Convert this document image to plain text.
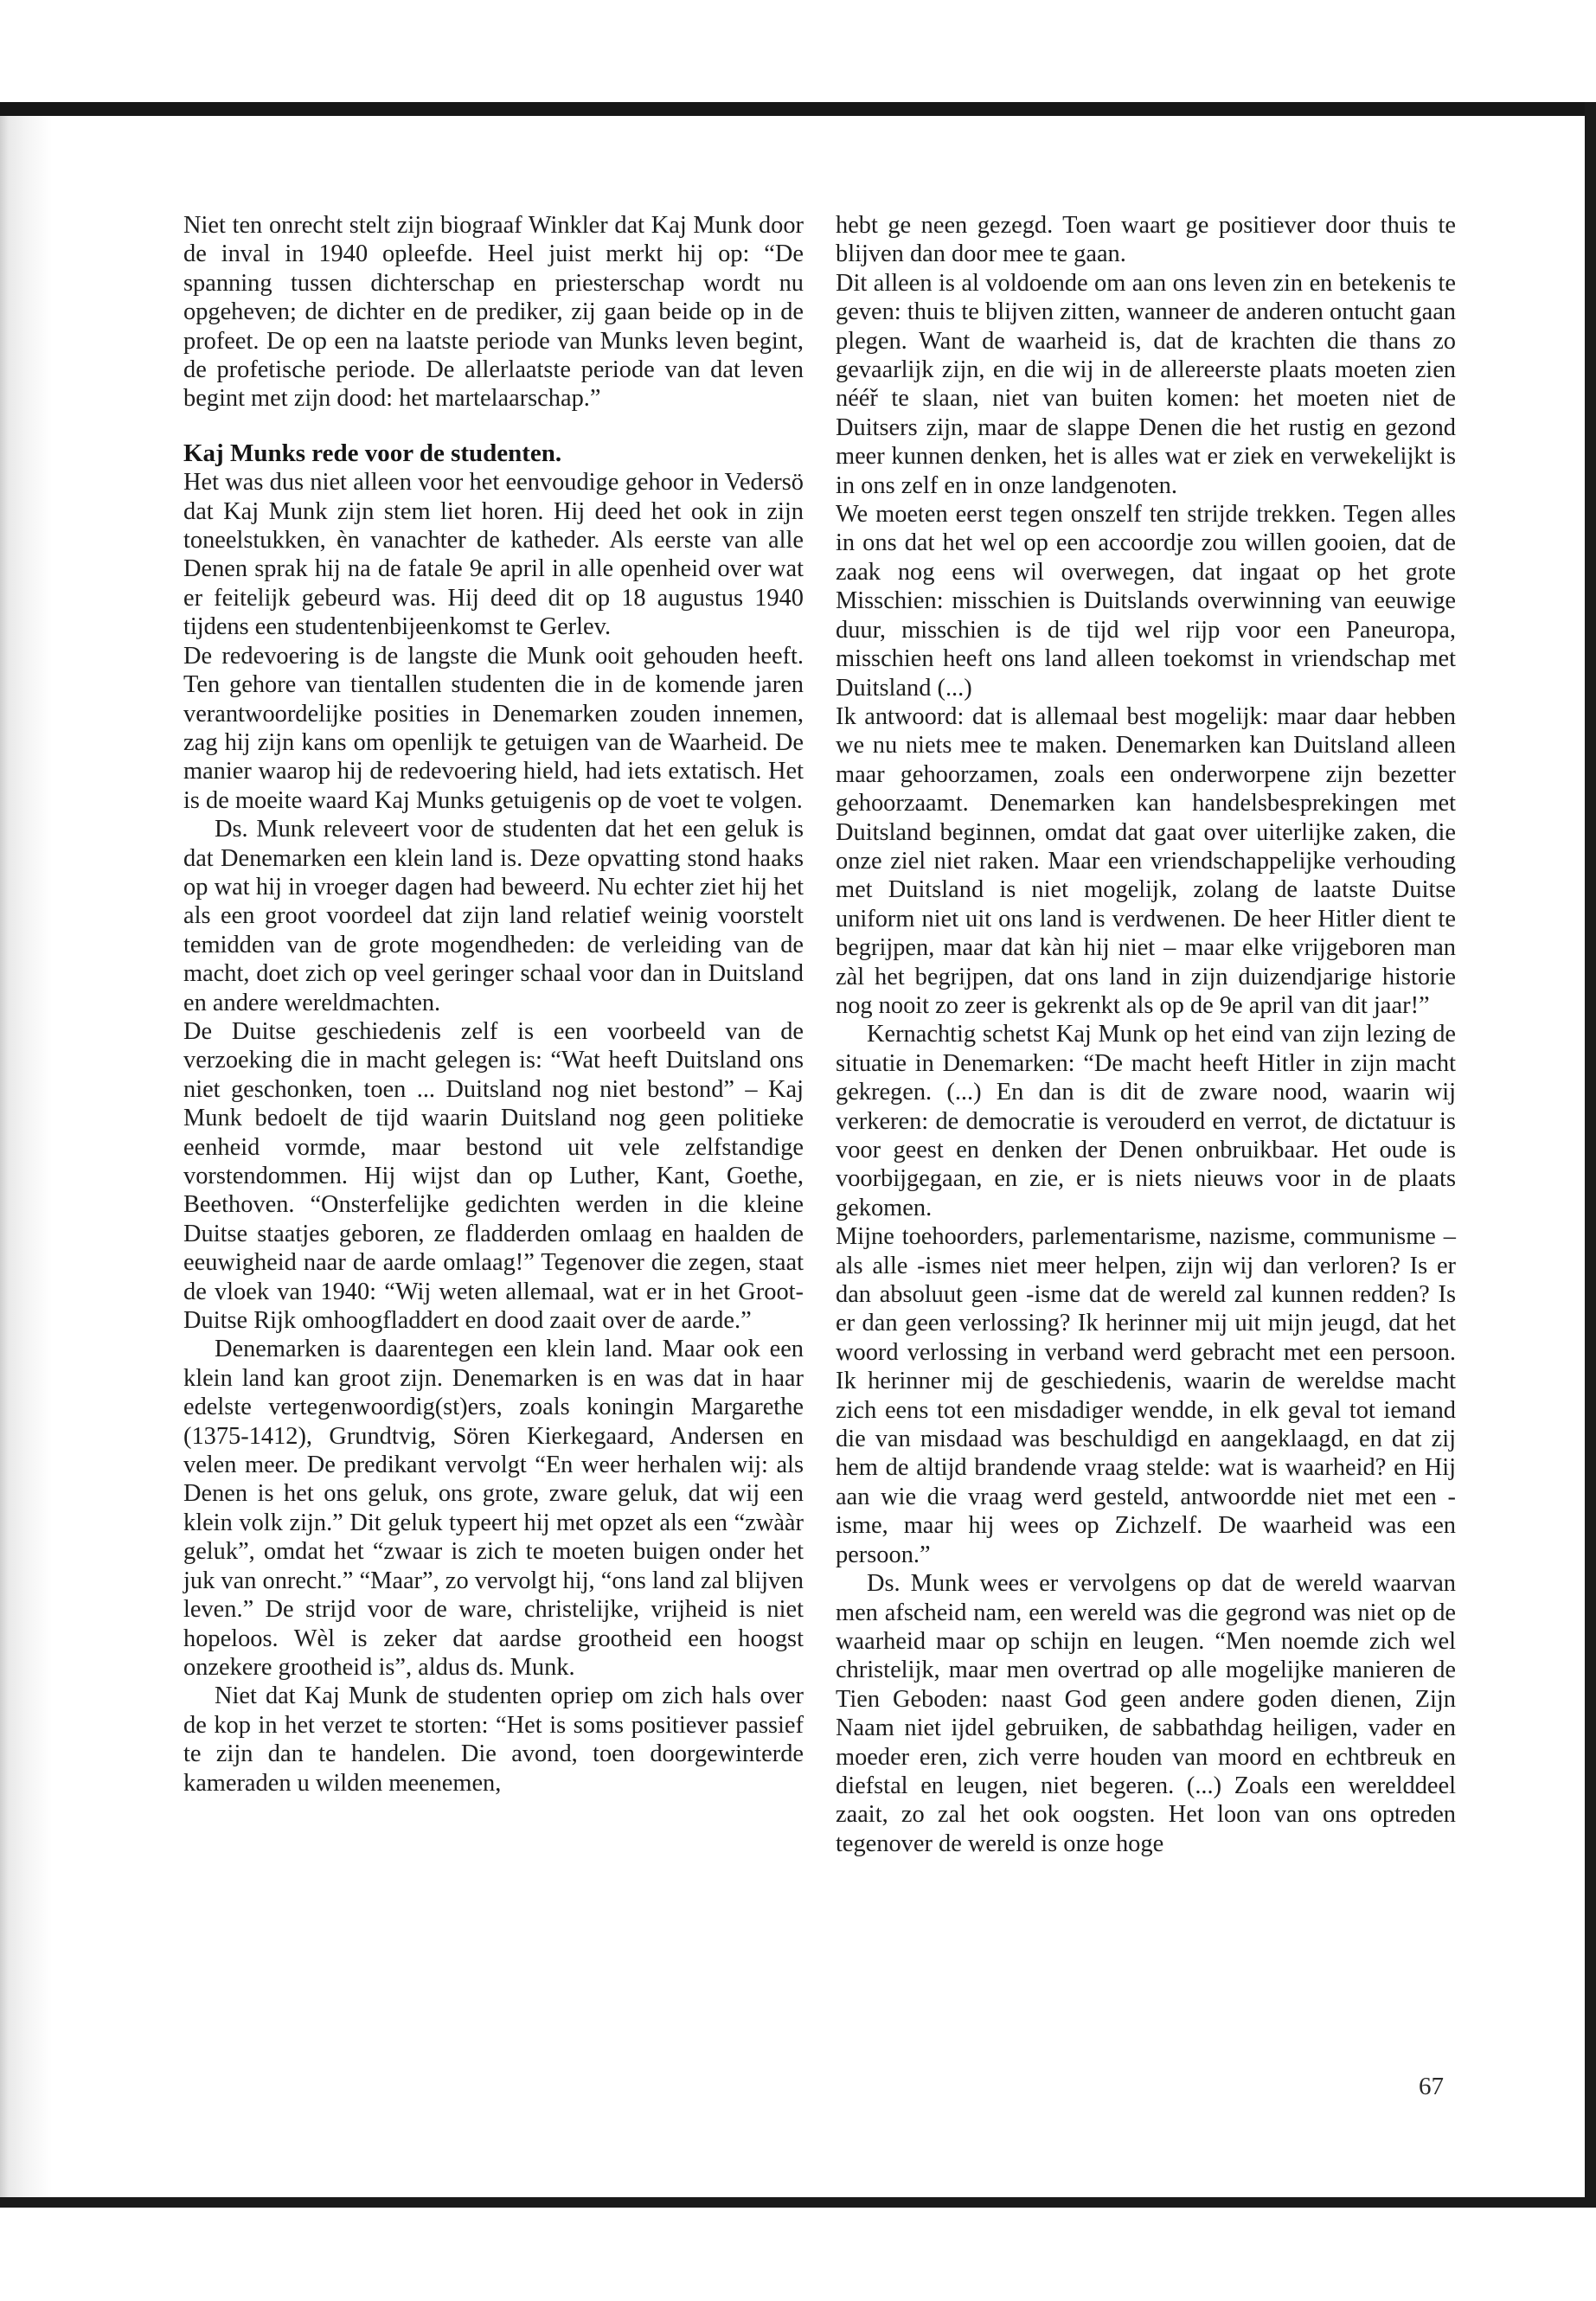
Niet ten onrecht stelt zijn biograaf Winkler dat Kaj Munk door de inval in 1940 opleefde. Heel juist merkt hij op: “De spanning tussen dichterschap en priesterschap wordt nu opgeheven; de dichter en de prediker, zij gaan beide op in de profeet. De op een na laatste periode van Munks leven begint, de profetische periode. De allerlaatste periode van dat leven begint met zijn dood: het martelaarschap.”

Kaj Munks rede voor de studenten.

Het was dus niet alleen voor het eenvoudige gehoor in Vedersö dat Kaj Munk zijn stem liet horen. Hij deed het ook in zijn toneelstukken, èn vanachter de katheder. Als eerste van alle Denen sprak hij na de fatale 9e april in alle openheid over wat er feitelijk gebeurd was. Hij deed dit op 18 augustus 1940 tijdens een studentenbijeenkomst te Gerlev.

De redevoering is de langste die Munk ooit gehouden heeft. Ten gehore van tientallen studenten die in de komende jaren verantwoordelijke posities in Denemarken zouden innemen, zag hij zijn kans om openlijk te getuigen van de Waarheid. De manier waarop hij de redevoering hield, had iets extatisch. Het is de moeite waard Kaj Munks getuigenis op de voet te volgen.

Ds. Munk releveert voor de studenten dat het een geluk is dat Denemarken een klein land is. Deze opvatting stond haaks op wat hij in vroeger dagen had beweerd. Nu echter ziet hij het als een groot voordeel dat zijn land relatief weinig voorstelt temidden van de grote mogendheden: de verleiding van de macht, doet zich op veel geringer schaal voor dan in Duitsland en andere wereldmachten.

De Duitse geschiedenis zelf is een voorbeeld van de verzoeking die in macht gelegen is: “Wat heeft Duitsland ons niet geschonken, toen ... Duitsland nog niet bestond” – Kaj Munk bedoelt de tijd waarin Duitsland nog geen politieke eenheid vormde, maar bestond uit vele zelfstandige vorstendommen. Hij wijst dan op Luther, Kant, Goethe, Beethoven. “Onsterfelijke gedichten werden in die kleine Duitse staatjes geboren, ze fladderden omlaag en haalden de eeuwigheid naar de aarde omlaag!” Tegenover die zegen, staat de vloek van 1940: “Wij weten allemaal, wat er in het Groot-Duitse Rijk omhoogfladdert en dood zaait over de aarde.”

Denemarken is daarentegen een klein land. Maar ook een klein land kan groot zijn. Denemarken is en was dat in haar edelste vertegenwoordig(st)ers, zoals koningin Margarethe (1375-1412), Grundtvig, Sören Kierkegaard, Andersen en velen meer. De predikant vervolgt “En weer herhalen wij: als Denen is het ons geluk, ons grote, zware geluk, dat wij een klein volk zijn.” Dit geluk typeert hij met opzet als een “zwààr geluk”, omdat het “zwaar is zich te moeten buigen onder het juk van onrecht.” “Maar”, zo vervolgt hij, “ons land zal blijven leven.” De strijd voor de ware, christelijke, vrijheid is niet hopeloos. Wèl is zeker dat aardse grootheid een hoogst onzekere grootheid is”, aldus ds. Munk.

Niet dat Kaj Munk de studenten opriep om zich hals over de kop in het verzet te storten: “Het is soms positiever passief te zijn dan te handelen. Die avond, toen doorgewinterde kameraden u wilden meenemen,

hebt ge neen gezegd. Toen waart ge positiever door thuis te blijven dan door mee te gaan.

Dit alleen is al voldoende om aan ons leven zin en betekenis te geven: thuis te blijven zitten, wanneer de anderen ontucht gaan plegen. Want de waarheid is, dat de krachten die thans zo gevaarlijk zijn, en die wij in de allereerste plaats moeten zien nééř te slaan, niet van buiten komen: het moeten niet de Duitsers zijn, maar de slappe Denen die het rustig en gezond meer kunnen denken, het is alles wat er ziek en verwekelijkt is in ons zelf en in onze landgenoten.

We moeten eerst tegen onszelf ten strijde trekken. Tegen alles in ons dat het wel op een accoordje zou willen gooien, dat de zaak nog eens wil overwegen, dat ingaat op het grote Misschien: misschien is Duitslands overwinning van eeuwige duur, misschien is de tijd wel rijp voor een Paneuropa, misschien heeft ons land alleen toekomst in vriendschap met Duitsland (...)

Ik antwoord: dat is allemaal best mogelijk: maar daar hebben we nu niets mee te maken. Denemarken kan Duitsland alleen maar gehoorzamen, zoals een onderworpene zijn bezetter gehoorzaamt. Denemarken kan handelsbesprekingen met Duitsland beginnen, omdat dat gaat over uiterlijke zaken, die onze ziel niet raken. Maar een vriendschappelijke verhouding met Duitsland is niet mogelijk, zolang de laatste Duitse uniform niet uit ons land is verdwenen. De heer Hitler dient te begrijpen, maar dat kàn hij niet – maar elke vrijgeboren man zàl het begrijpen, dat ons land in zijn duizendjarige historie nog nooit zo zeer is gekrenkt als op de 9e april van dit jaar!”

Kernachtig schetst Kaj Munk op het eind van zijn lezing de situatie in Denemarken: “De macht heeft Hitler in zijn macht gekregen. (...) En dan is dit de zware nood, waarin wij verkeren: de democratie is verouderd en verrot, de dictatuur is voor geest en denken der Denen onbruikbaar. Het oude is voorbijgegaan, en zie, er is niets nieuws voor in de plaats gekomen.

Mijne toehoorders, parlementarisme, nazisme, communisme – als alle -ismes niet meer helpen, zijn wij dan verloren? Is er dan absoluut geen -isme dat de wereld zal kunnen redden? Is er dan geen verlossing? Ik herinner mij uit mijn jeugd, dat het woord verlossing in verband werd gebracht met een persoon. Ik herinner mij de geschiedenis, waarin de wereldse macht zich eens tot een misdadiger wendde, in elk geval tot iemand die van misdaad was beschuldigd en aangeklaagd, en dat zij hem de altijd brandende vraag stelde: wat is waarheid? en Hij aan wie die vraag werd gesteld, antwoordde niet met een -isme, maar hij wees op Zichzelf. De waarheid was een persoon.”

Ds. Munk wees er vervolgens op dat de wereld waarvan men afscheid nam, een wereld was die gegrond was niet op de waarheid maar op schijn en leugen. “Men noemde zich wel christelijk, maar men overtrad op alle mogelijke manieren de Tien Geboden: naast God geen andere goden dienen, Zijn Naam niet ijdel gebruiken, de sabbathdag heiligen, vader en moeder eren, zich verre houden van moord en echtbreuk en diefstal en leugen, niet begeren. (...) Zoals een werelddeel zaait, zo zal het ook oogsten. Het loon van ons optreden tegenover de wereld is onze hoge

67
